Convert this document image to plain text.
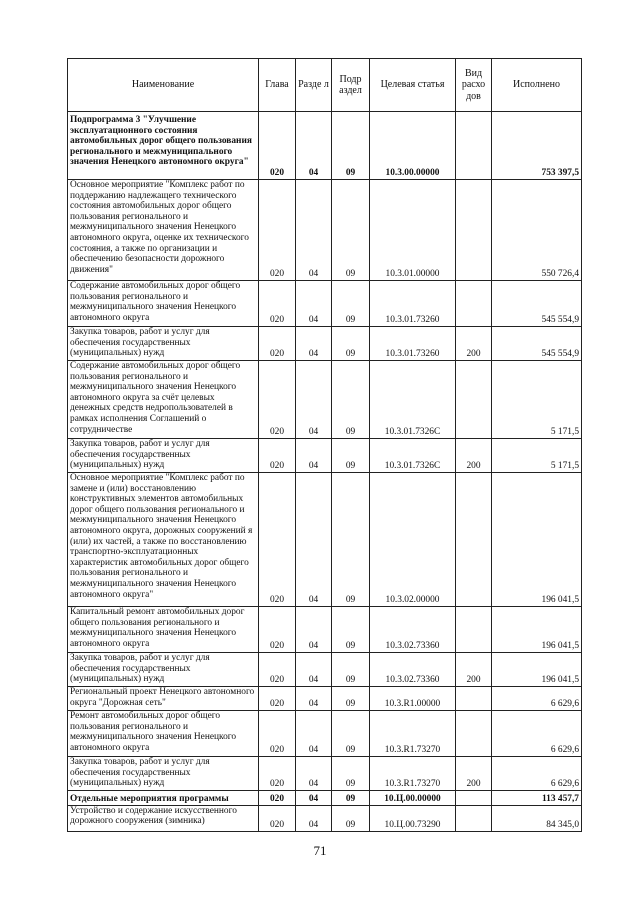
Наименование	Глава	Разде л	Подр аздел	Целевая статья	Вид расхо дов	Исполнено
Подпрограмма 3 "Улучшение эксплуатационного состояния автомобильных дорог общего пользования регионального и межмуниципального значения Ненецкого автономного округа"	020	04	09	10.3.00.00000		753 397,5
Основное мероприятие "Комплекс работ по поддержанию надлежащего технического состояния автомобильных дорог общего пользования регионального и межмуниципального значения Ненецкого автономного округа, оценке их технического состояния, а также по организации и обеспечению безопасности дорожного движения"	020	04	09	10.3.01.00000		550 726,4
Содержание автомобильных дорог общего пользования регионального и межмуниципального значения Ненецкого автономного округа	020	04	09	10.3.01.73260		545 554,9
Закупка товаров, работ и услуг для обеспечения государственных (муниципальных) нужд	020	04	09	10.3.01.73260	200	545 554,9
Содержание автомобильных дорог общего пользования регионального и межмуниципального значения Ненецкого автономного округа за счёт целевых денежных средств недропользователей в рамках исполнения Соглашений о сотрудничестве	020	04	09	10.3.01.7326С		5 171,5
Закупка товаров, работ и услуг для обеспечения государственных (муниципальных) нужд	020	04	09	10.3.01.7326С	200	5 171,5
Основное мероприятие "Комплекс работ по замене и (или) восстановлению конструктивных элементов автомобильных дорог общего пользования регионального и межмуниципального значения Ненецкого автономного округа, дорожных сооружений я (или) их частей, а также по восстановлению транспортно-эксплуатационных характеристик автомобильных дорог общего пользования регионального и межмуниципального значения Ненецкого автономного округа"	020	04	09	10.3.02.00000		196 041,5
Капитальный ремонт автомобильных дорог общего пользования регионального и межмуниципального значения Ненецкого автономного округа	020	04	09	10.3.02.73360		196 041,5
Закупка товаров, работ и услуг для обеспечения государственных (муниципальных) нужд	020	04	09	10.3.02.73360	200	196 041,5
Региональный проект Ненецкого автономного округа "Дорожная сеть"	020	04	09	10.3.R1.00000		6 629,6
Ремонт автомобильных дорог общего пользования регионального и межмуниципального значения Ненецкого автономного округа	020	04	09	10.3.R1.73270		6 629,6
Закупка товаров, работ и услуг для обеспечения государственных (муниципальных) нужд	020	04	09	10.3.R1.73270	200	6 629,6
Отдельные мероприятия программы	020	04	09	10.Ц.00.00000		113 457,7
Устройство и содержание искусственного дорожного сооружения (зимника)	020	04	09	10.Ц.00.73290		84 345,0
71
